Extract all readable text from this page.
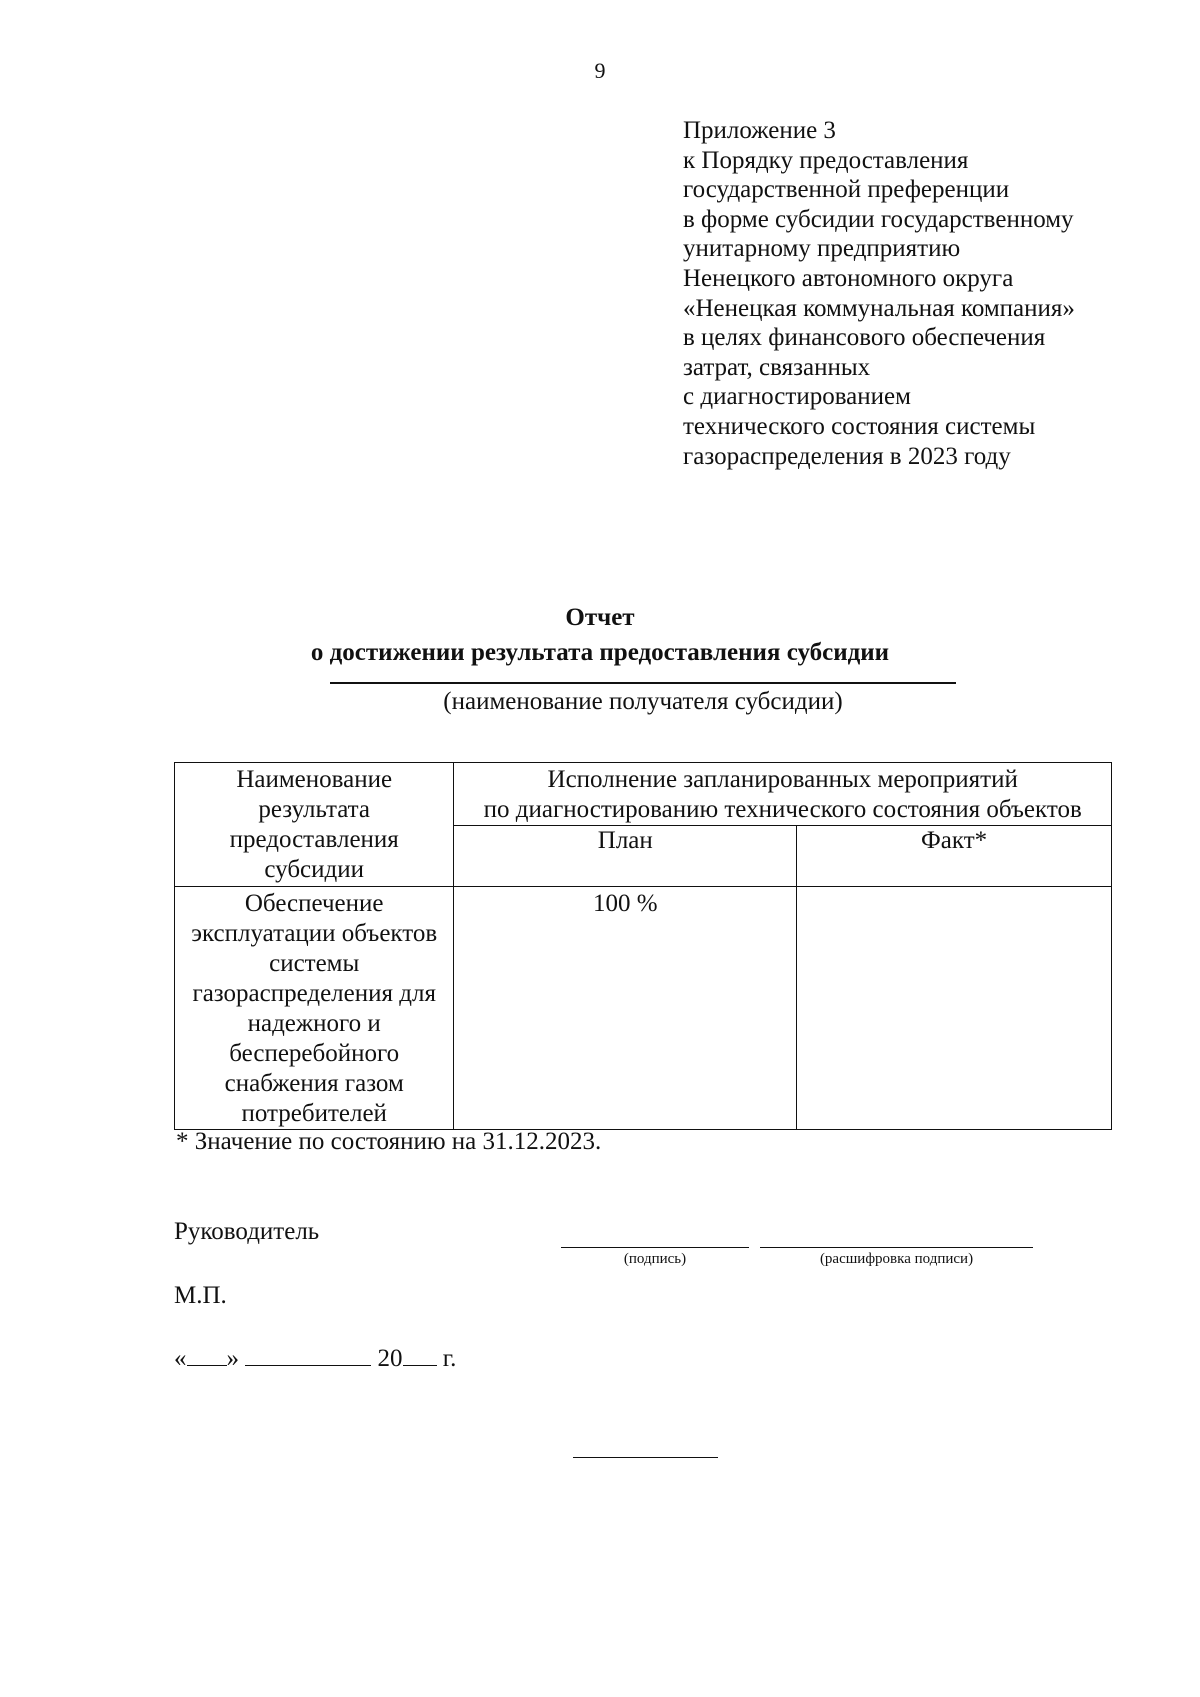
9
Приложение 3
к Порядку предоставления
государственной преференции
в форме субсидии государственному
унитарному предприятию
Ненецкого автономного округа
«Ненецкая коммунальная компания»
в целях финансового обеспечения
затрат, связанных
с диагностированием
технического состояния системы
газораспределения в 2023 году
Отчет
о достижении результата предоставления субсидии
(наименование получателя субсидии)
Наименование результата предоставления субсидии	Исполнение запланированных мероприятий
по диагностированию технического состояния объектов	

	План	Факт*
Обеспечение эксплуатации объектов системы газораспределения для надежного и бесперебойного снабжения газом потребителей	100 %	
* Значение по состоянию на 31.12.2023.
Руководитель
(подпись)	(расшифровка подписи)
М.П.
« »	20 г.
